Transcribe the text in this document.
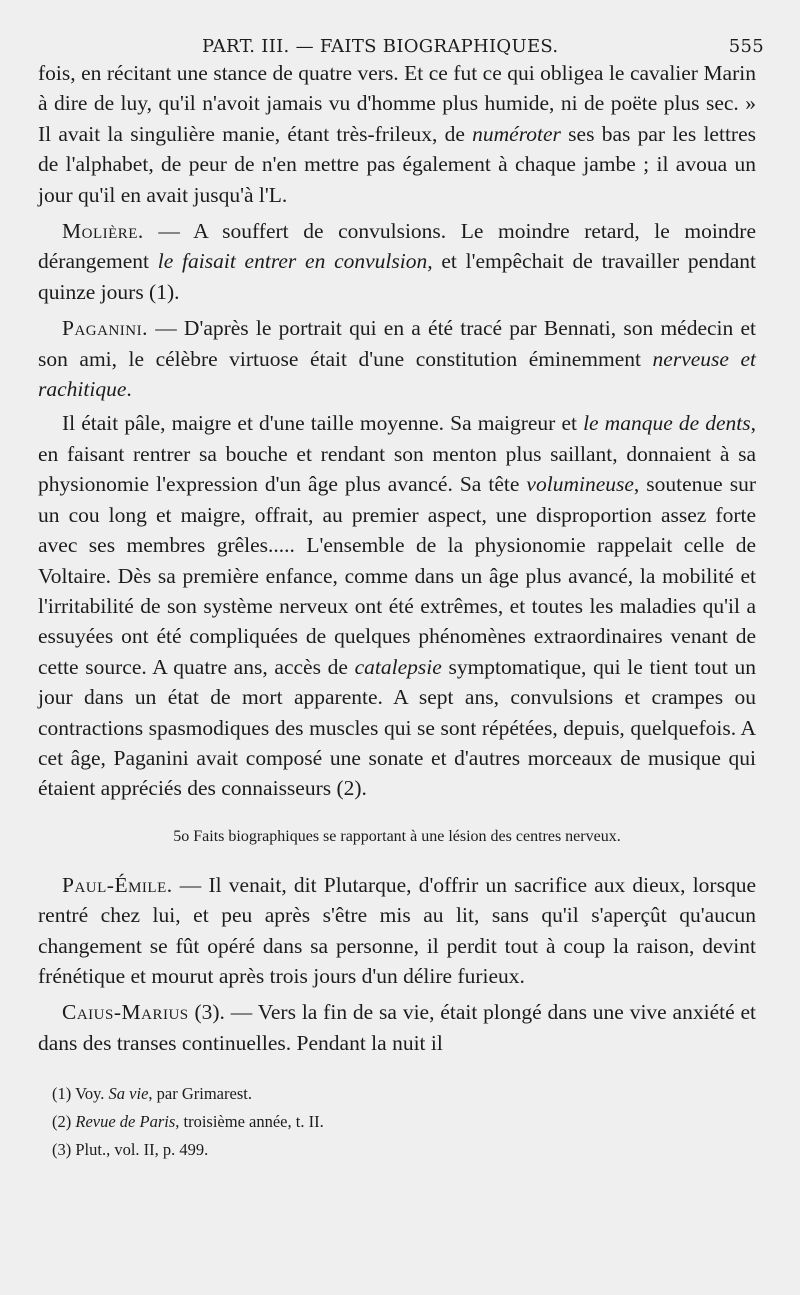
PART. III. — FAITS BIOGRAPHIQUES.	555

fois, en récitant une stance de quatre vers. Et ce fut ce qui obligea le cavalier Marin à dire de luy, qu'il n'avoit jamais vu d'homme plus humide, ni de poëte plus sec. » Il avait la singulière manie, étant très-frileux, de numéroter ses bas par les lettres de l'alphabet, de peur de n'en mettre pas également à chaque jambe ; il avoua un jour qu'il en avait jusqu'à l'L.

Molière. — A souffert de convulsions. Le moindre retard, le moindre dérangement le faisait entrer en convulsion, et l'empêchait de travailler pendant quinze jours (1).

Paganini. — D'après le portrait qui en a été tracé par Bennati, son médecin et son ami, le célèbre virtuose était d'une constitution éminemment nerveuse et rachitique.

Il était pâle, maigre et d'une taille moyenne. Sa maigreur et le manque de dents, en faisant rentrer sa bouche et rendant son menton plus saillant, donnaient à sa physionomie l'expression d'un âge plus avancé. Sa tête volumineuse, soutenue sur un cou long et maigre, offrait, au premier aspect, une disproportion assez forte avec ses membres grêles..... L'ensemble de la physionomie rappelait celle de Voltaire. Dès sa première enfance, comme dans un âge plus avancé, la mobilité et l'irritabilité de son système nerveux ont été extrêmes, et toutes les maladies qu'il a essuyées ont été compliquées de quelques phénomènes extraordinaires venant de cette source. A quatre ans, accès de catalepsie symptomatique, qui le tient tout un jour dans un état de mort apparente. A sept ans, convulsions et crampes ou contractions spasmodiques des muscles qui se sont répétées, depuis, quelquefois. A cet âge, Paganini avait composé une sonate et d'autres morceaux de musique qui étaient appréciés des connaisseurs (2).

5o Faits biographiques se rapportant à une lésion des centres nerveux.

Paul-Émile. — Il venait, dit Plutarque, d'offrir un sacrifice aux dieux, lorsque rentré chez lui, et peu après s'être mis au lit, sans qu'il s'aperçût qu'aucun changement se fût opéré dans sa personne, il perdit tout à coup la raison, devint frénétique et mourut après trois jours d'un délire furieux.

Caius-Marius (3). — Vers la fin de sa vie, était plongé dans une vive anxiété et dans des transes continuelles. Pendant la nuit il

(1) Voy. Sa vie, par Grimarest.
(2) Revue de Paris, troisième année, t. II.
(3) Plut., vol. II, p. 499.
